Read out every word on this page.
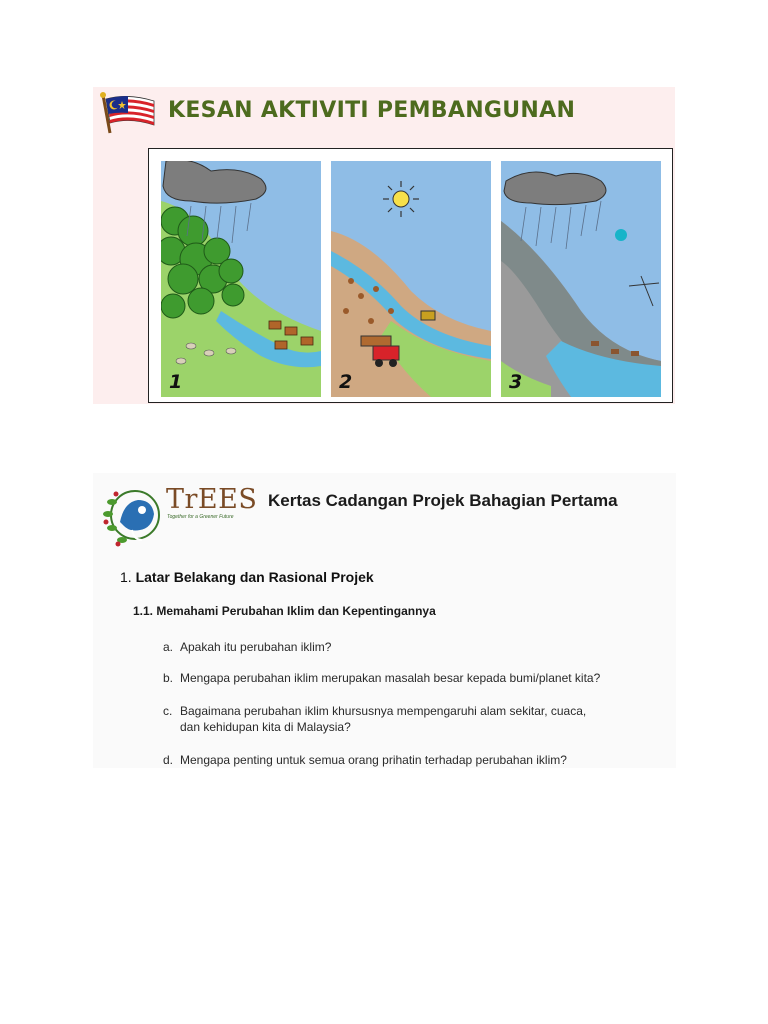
KESAN AKTIVITI PEMBANGUNAN
1	2	3
TrEES
Together for a Greener Future
Kertas Cadangan Projek Bahagian Pertama
1. Latar Belakang dan Rasional Projek
1.1. Memahami Perubahan Iklim dan Kepentingannya
a. Apakah itu perubahan iklim?
b. Mengapa perubahan iklim merupakan masalah besar kepada bumi/planet kita?
c. Bagaimana perubahan iklim khursusnya mempengaruhi alam sekitar, cuaca,
dan kehidupan kita di Malaysia?
d. Mengapa penting untuk semua orang prihatin terhadap perubahan iklim?
